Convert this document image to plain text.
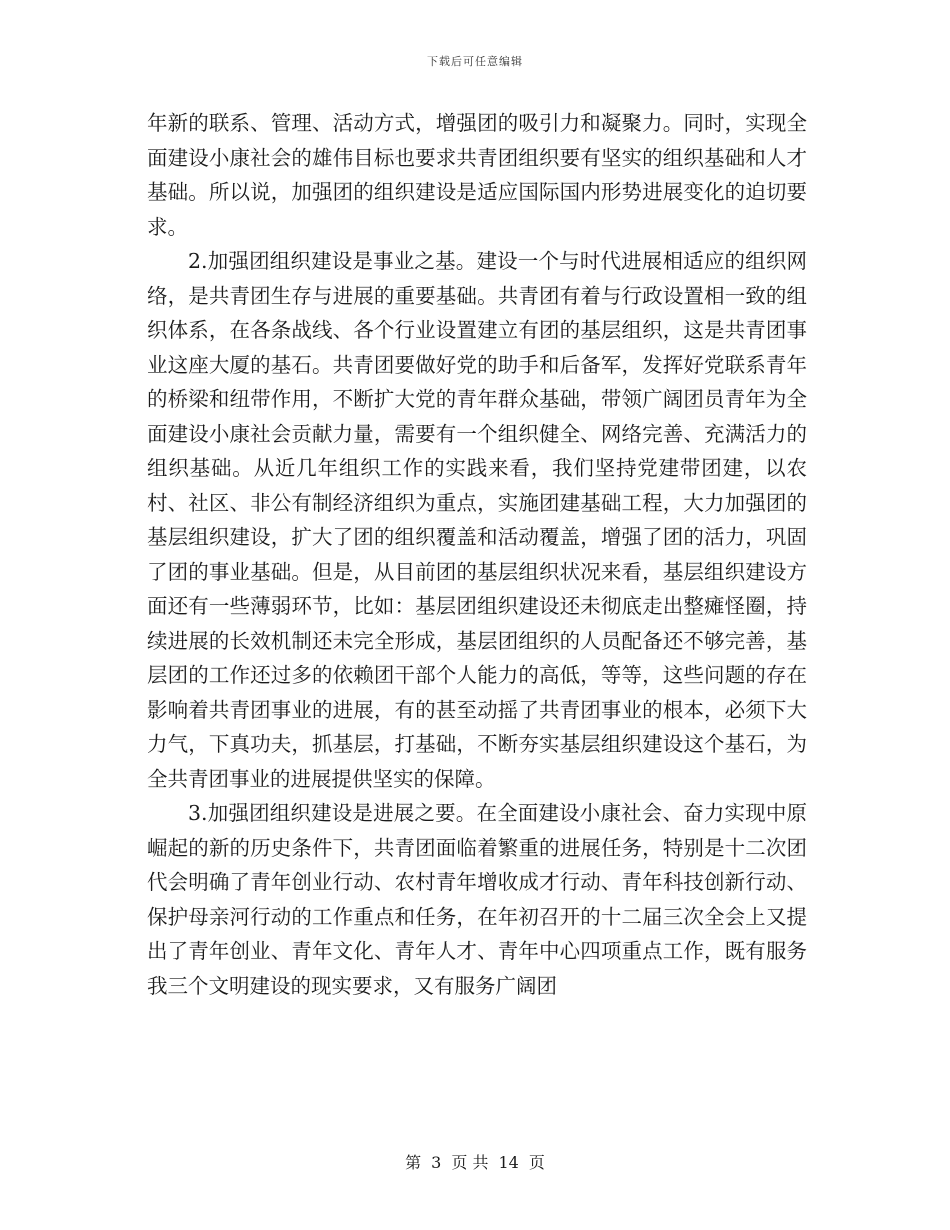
下载后可任意编辑

年新的联系、管理、活动方式，增强团的吸引力和凝聚力。同时，实现全面建设小康社会的雄伟目标也要求共青团组织要有坚实的组织基础和人才基础。所以说，加强团的组织建设是适应国际国内形势进展变化的迫切要求。

2.加强团组织建设是事业之基。建设一个与时代进展相适应的组织网络，是共青团生存与进展的重要基础。共青团有着与行政设置相一致的组织体系，在各条战线、各个行业设置建立有团的基层组织，这是共青团事业这座大厦的基石。共青团要做好党的助手和后备军，发挥好党联系青年的桥梁和纽带作用，不断扩大党的青年群众基础，带领广阔团员青年为全面建设小康社会贡献力量，需要有一个组织健全、网络完善、充满活力的组织基础。从近几年组织工作的实践来看，我们坚持党建带团建，以农村、社区、非公有制经济组织为重点，实施团建基础工程，大力加强团的基层组织建设，扩大了团的组织覆盖和活动覆盖，增强了团的活力，巩固了团的事业基础。但是，从目前团的基层组织状况来看，基层组织建设方面还有一些薄弱环节，比如：基层团组织建设还未彻底走出整瘫怪圈，持续进展的长效机制还未完全形成，基层团组织的人员配备还不够完善，基层团的工作还过多的依赖团干部个人能力的高低，等等，这些问题的存在影响着共青团事业的进展，有的甚至动摇了共青团事业的根本，必须下大力气，下真功夫，抓基层，打基础，不断夯实基层组织建设这个基石，为全共青团事业的进展提供坚实的保障。

3.加强团组织建设是进展之要。在全面建设小康社会、奋力实现中原崛起的新的历史条件下，共青团面临着繁重的进展任务，特别是十二次团代会明确了青年创业行动、农村青年增收成才行动、青年科技创新行动、保护母亲河行动的工作重点和任务，在年初召开的十二届三次全会上又提出了青年创业、青年文化、青年人才、青年中心四项重点工作，既有服务我三个文明建设的现实要求，又有服务广阔团

第 3 页 共 14 页
